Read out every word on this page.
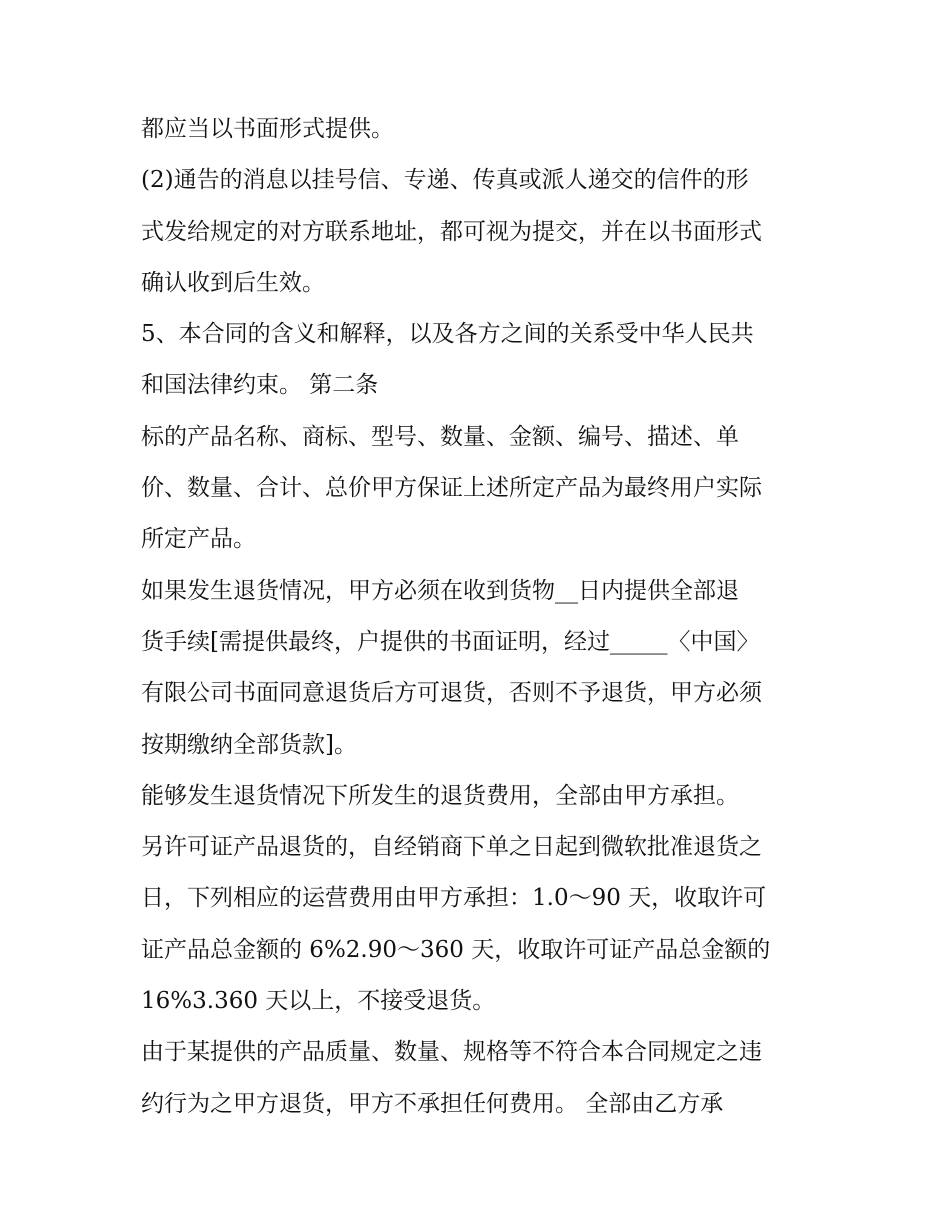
都应当以书面形式提供。
(2)通告的消息以挂号信、专递、传真或派人递交的信件的形
式发给规定的对方联系地址，都可视为提交，并在以书面形式
确认收到后生效。
5、本合同的含义和解释，以及各方之间的关系受中华人民共
和国法律约束。 第二条
标的产品名称、商标、型号、数量、金额、编号、描述、单
价、数量、合计、总价甲方保证上述所定产品为最终用户实际
所定产品。
如果发生退货情况，甲方必须在收到货物__日内提供全部退
货手续[需提供最终，户提供的书面证明，经过_____〈中国〉
有限公司书面同意退货后方可退货，否则不予退货，甲方必须
按期缴纳全部货款]。
能够发生退货情况下所发生的退货费用，全部由甲方承担。
另许可证产品退货的，自经销商下单之日起到微软批准退货之
日，下列相应的运营费用由甲方承担：1.0～90 天，收取许可
证产品总金额的 6%2.90～360 天，收取许可证产品总金额的
16%3.360 天以上，不接受退货。
由于某提供的产品质量、数量、规格等不符合本合同规定之违
约行为之甲方退货，甲方不承担任何费用。 全部由乙方承
